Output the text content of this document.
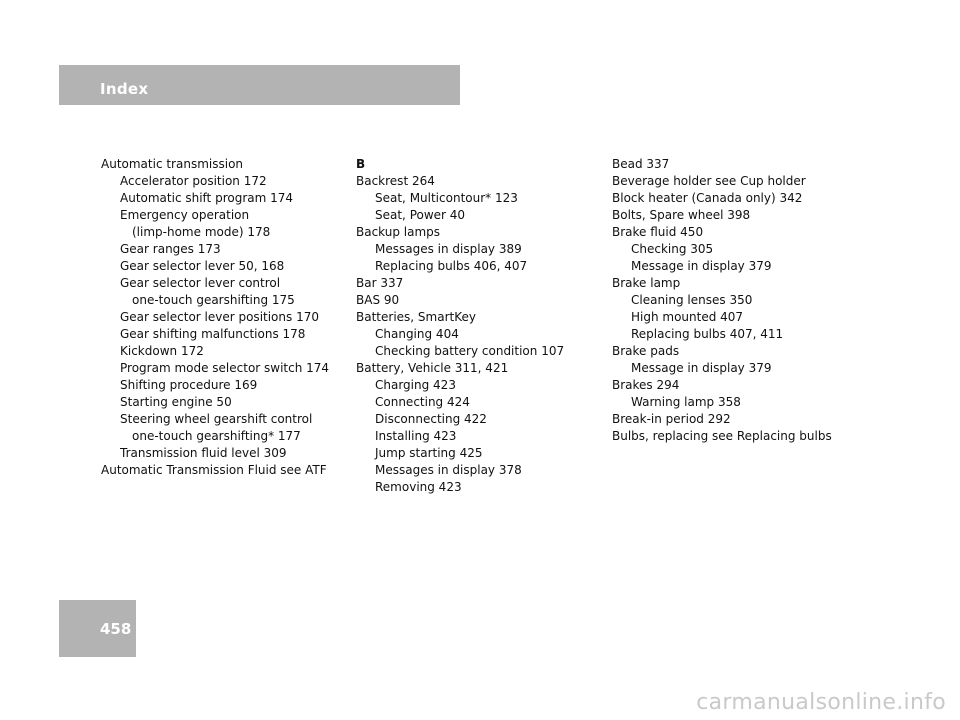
Index
Automatic transmission
Accelerator position 172
Automatic shift program 174
Emergency operation
(limp-home mode) 178
Gear ranges 173
Gear selector lever 50, 168
Gear selector lever control
one-touch gearshifting 175
Gear selector lever positions 170
Gear shifting malfunctions 178
Kickdown 172
Program mode selector switch 174
Shifting procedure 169
Starting engine 50
Steering wheel gearshift control
one-touch gearshifting* 177
Transmission fluid level 309
Automatic Transmission Fluid see ATF
B
Backrest 264
Seat, Multicontour* 123
Seat, Power 40
Backup lamps
Messages in display 389
Replacing bulbs 406, 407
Bar 337
BAS 90
Batteries, SmartKey
Changing 404
Checking battery condition 107
Battery, Vehicle 311, 421
Charging 423
Connecting 424
Disconnecting 422
Installing 423
Jump starting 425
Messages in display 378
Removing 423
Bead 337
Beverage holder see Cup holder
Block heater (Canada only) 342
Bolts, Spare wheel 398
Brake fluid 450
Checking 305
Message in display 379
Brake lamp
Cleaning lenses 350
High mounted 407
Replacing bulbs 407, 411
Brake pads
Message in display 379
Brakes 294
Warning lamp 358
Break-in period 292
Bulbs, replacing see Replacing bulbs
458
carmanualsonline.info
